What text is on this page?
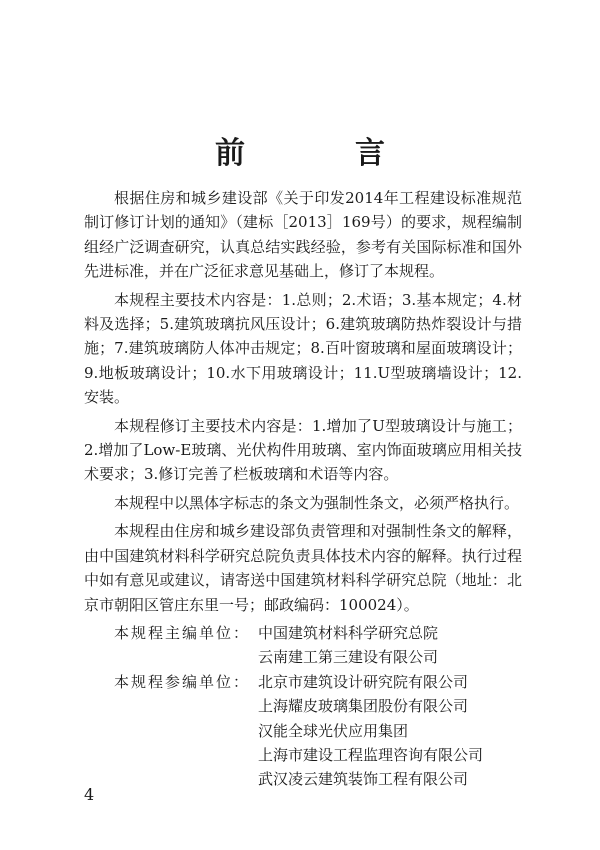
前　言

根据住房和城乡建设部《关于印发2014年工程建设标准规范制订修订计划的通知》（建标［2013］169号）的要求，规程编制组经广泛调查研究，认真总结实践经验，参考有关国际标准和国外先进标准，并在广泛征求意见基础上，修订了本规程。

本规程主要技术内容是：1.总则；2.术语；3.基本规定；4.材料及选择；5.建筑玻璃抗风压设计；6.建筑玻璃防热炸裂设计与措施；7.建筑玻璃防人体冲击规定；8.百叶窗玻璃和屋面玻璃设计；9.地板玻璃设计；10.水下用玻璃设计；11.U型玻璃墙设计；12.安装。

本规程修订主要技术内容是：1.增加了U型玻璃设计与施工；2.增加了Low-E玻璃、光伏构件用玻璃、室内饰面玻璃应用相关技术要求；3.修订完善了栏板玻璃和术语等内容。

本规程中以黑体字标志的条文为强制性条文，必须严格执行。

本规程由住房和城乡建设部负责管理和对强制性条文的解释，由中国建筑材料科学研究总院负责具体技术内容的解释。执行过程中如有意见或建议，请寄送中国建筑材料科学研究总院（地址：北京市朝阳区管庄东里一号；邮政编码：100024）。

本规程主编单位： 中国建筑材料科学研究总院
云南建工第三建设有限公司
本规程参编单位： 北京市建筑设计研究院有限公司
上海耀皮玻璃集团股份有限公司
汉能全球光伏应用集团
上海市建设工程监理咨询有限公司
武汉凌云建筑装饰工程有限公司
4
